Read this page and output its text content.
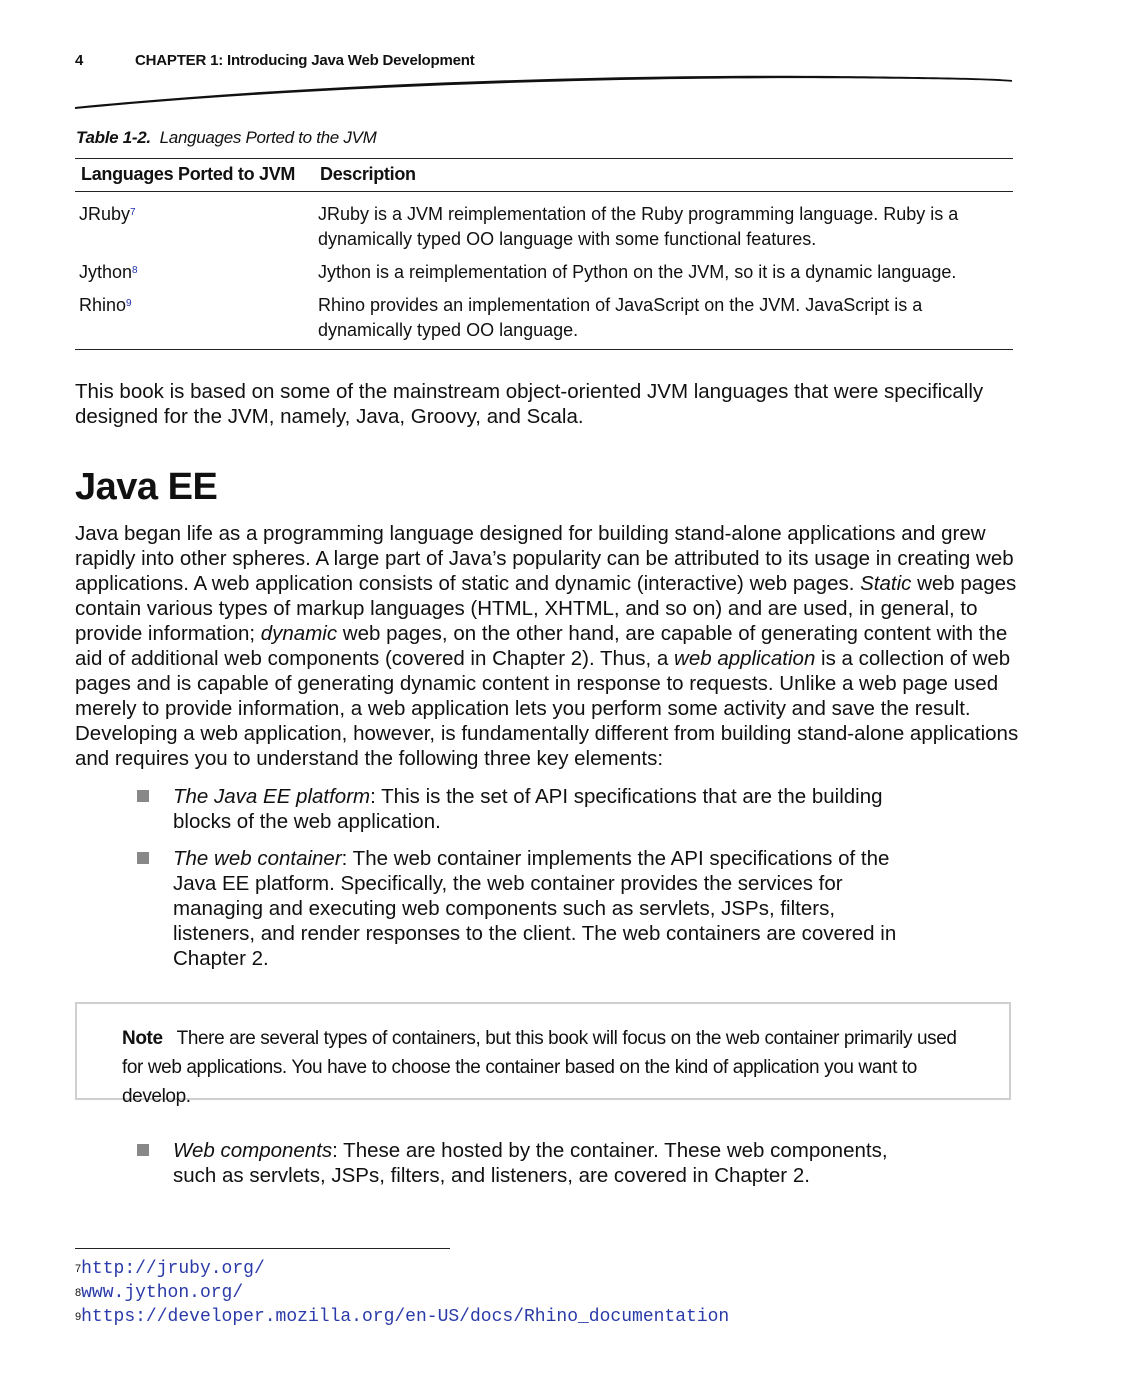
4	CHAPTER 1: Introducing Java Web Development
Table 1-2. Languages Ported to the JVM
Languages Ported to JVM	Description
JRuby$^7$	JRuby is a JVM reimplementation of the Ruby programming language. Ruby is a dynamically typed OO language with some functional features.
Jython$^8$	Jython is a reimplementation of Python on the JVM, so it is a dynamic language.
Rhino$^9$	Rhino provides an implementation of JavaScript on the JVM. JavaScript is a dynamically typed OO language.

This book is based on some of the mainstream object-oriented JVM languages that were specifically designed for the JVM, namely, Java, Groovy, and Scala.

Java EE

Java began life as a programming language designed for building stand-alone applications and grew rapidly into other spheres. A large part of Java’s popularity can be attributed to its usage in creating web applications. A web application consists of static and dynamic (interactive) web pages. Static web pages contain various types of markup languages (HTML, XHTML, and so on) and are used, in general, to provide information; dynamic web pages, on the other hand, are capable of generating content with the aid of additional web components (covered in Chapter 2). Thus, a web application is a collection of web pages and is capable of generating dynamic content in response to requests. Unlike a web page used merely to provide information, a web application lets you perform some activity and save the result. Developing a web application, however, is fundamentally different from building stand-alone applications and requires you to understand the following three key elements:

The Java EE platform: This is the set of API specifications that are the building blocks of the web application.

The web container: The web container implements the API specifications of the Java EE platform. Specifically, the web container provides the services for managing and executing web components such as servlets, JSPs, filters, listeners, and render responses to the client. The web containers are covered in Chapter 2.

Note There are several types of containers, but this book will focus on the web container primarily used for web applications. You have to choose the container based on the kind of application you want to develop.

Web components: These are hosted by the container. These web components, such as servlets, JSPs, filters, and listeners, are covered in Chapter 2.

$^7$http://jruby.org/
$^8$www.jython.org/
$^9$https://developer.mozilla.org/en-US/docs/Rhino_documentation
